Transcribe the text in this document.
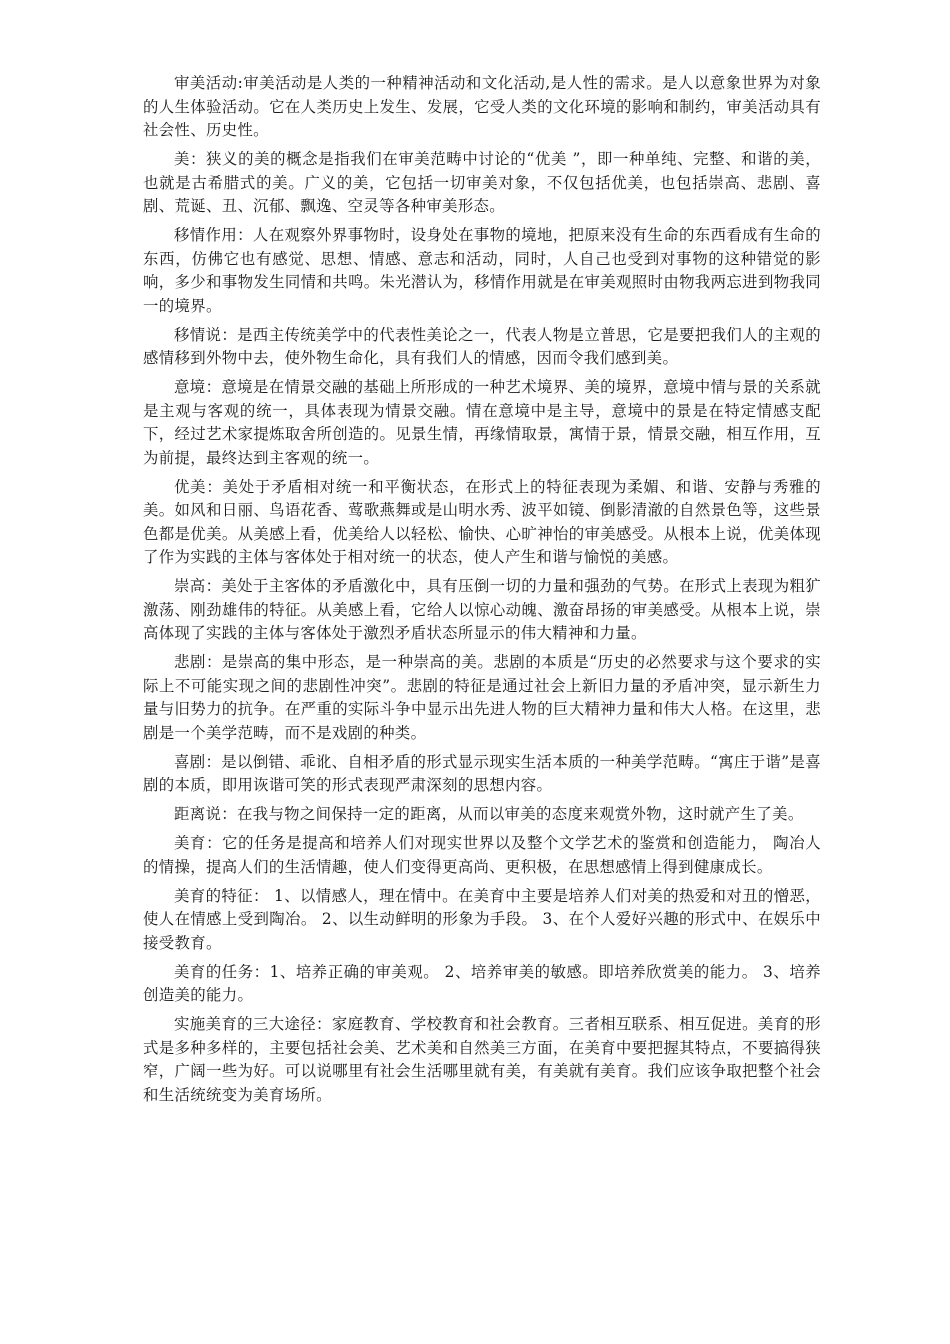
审美活动:审美活动是人类的一种精神活动和文化活动,是人性的需求。是人以意象世界为对象的人生体验活动。它在人类历史上发生、发展，它受人类的文化环境的影响和制约，审美活动具有社会性、历史性。

美：狭义的美的概念是指我们在审美范畴中讨论的“优美 ”，即一种单纯、完整、和谐的美，也就是古希腊式的美。广义的美，它包括一切审美对象，不仅包括优美，也包括崇高、悲剧、喜剧、荒诞、丑、沉郁、飘逸、空灵等各种审美形态。

移情作用：人在观察外界事物时，设身处在事物的境地，把原来没有生命的东西看成有生命的东西，仿佛它也有感觉、思想、情感、意志和活动，同时，人自己也受到对事物的这种错觉的影响，多少和事物发生同情和共鸣。朱光潜认为，移情作用就是在审美观照时由物我两忘进到物我同一的境界。

移情说：是西主传统美学中的代表性美论之一，代表人物是立普思，它是要把我们人的主观的感情移到外物中去，使外物生命化，具有我们人的情感，因而令我们感到美。

意境：意境是在情景交融的基础上所形成的一种艺术境界、美的境界，意境中情与景的关系就是主观与客观的统一，具体表现为情景交融。情在意境中是主导，意境中的景是在特定情感支配下，经过艺术家提炼取舍所创造的。见景生情，再缘情取景，寓情于景，情景交融，相互作用，互为前提，最终达到主客观的统一。

优美：美处于矛盾相对统一和平衡状态，在形式上的特征表现为柔媚、和谐、安静与秀雅的美。如风和日丽、鸟语花香、莺歌燕舞或是山明水秀、波平如镜、倒影清澈的自然景色等，这些景色都是优美。从美感上看，优美给人以轻松、愉快、心旷神怡的审美感受。从根本上说，优美体现了作为实践的主体与客体处于相对统一的状态，使人产生和谐与愉悦的美感。

崇高：美处于主客体的矛盾激化中，具有压倒一切的力量和强劲的气势。在形式上表现为粗犷激荡、刚劲雄伟的特征。从美感上看，它给人以惊心动魄、激奋昂扬的审美感受。从根本上说，崇高体现了实践的主体与客体处于激烈矛盾状态所显示的伟大精神和力量。

悲剧：是崇高的集中形态，是一种崇高的美。悲剧的本质是“历史的必然要求与这个要求的实际上不可能实现之间的悲剧性冲突”。悲剧的特征是通过社会上新旧力量的矛盾冲突，显示新生力量与旧势力的抗争。在严重的实际斗争中显示出先进人物的巨大精神力量和伟大人格。在这里，悲剧是一个美学范畴，而不是戏剧的种类。

喜剧：是以倒错、乖讹、自相矛盾的形式显示现实生活本质的一种美学范畴。“寓庄于谐”是喜剧的本质，即用诙谐可笑的形式表现严肃深刻的思想内容。

距离说：在我与物之间保持一定的距离，从而以审美的态度来观赏外物，这时就产生了美。

美育：它的任务是提高和培养人们对现实世界以及整个文学艺术的鉴赏和创造能力， 陶冶人的情操，提高人们的生活情趣，使人们变得更高尚、更积极，在思想感情上得到健康成长。

美育的特征： 1、以情感人，理在情中。在美育中主要是培养人们对美的热爱和对丑的憎恶，使人在情感上受到陶冶。 2、以生动鲜明的形象为手段。 3、在个人爱好兴趣的形式中、在娱乐中接受教育。

美育的任务：1、培养正确的审美观。 2、培养审美的敏感。即培养欣赏美的能力。 3、培养创造美的能力。

实施美育的三大途径：家庭教育、学校教育和社会教育。三者相互联系、相互促进。美育的形式是多种多样的，主要包括社会美、艺术美和自然美三方面，在美育中要把握其特点，不要搞得狭窄，广阔一些为好。可以说哪里有社会生活哪里就有美，有美就有美育。我们应该争取把整个社会和生活统统变为美育场所。
